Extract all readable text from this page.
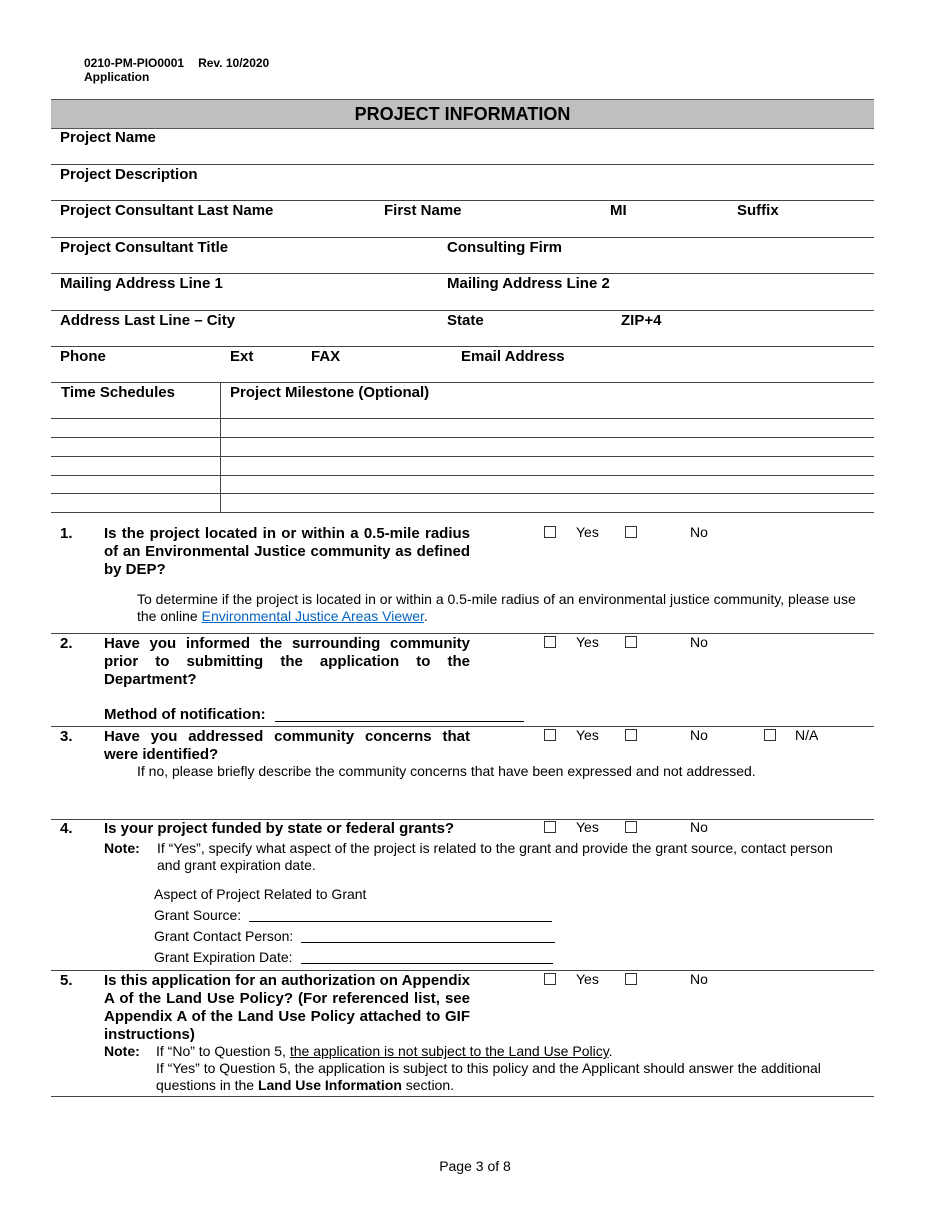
0210-PM-PIO0001 Rev. 10/2020
Application
PROJECT INFORMATION
Project Name
Project Description
Project Consultant Last Name	First Name	MI	Suffix
Project Consultant Title	Consulting Firm
Mailing Address Line 1	Mailing Address Line 2
Address Last Line – City	State	ZIP+4
Phone	Ext	FAX	Email Address
Time Schedules	Project Milestone (Optional)
1. Is the project located in or within a 0.5-mile radius of an Environmental Justice community as defined by DEP?
Yes	No
To determine if the project is located in or within a 0.5-mile radius of an environmental justice community, please use the online Environmental Justice Areas Viewer.
2. Have you informed the surrounding community prior to submitting the application to the Department?
Yes	No
Method of notification:
3. Have you addressed community concerns that were identified?
Yes	No	N/A
If no, please briefly describe the community concerns that have been expressed and not addressed.
4. Is your project funded by state or federal grants?	Yes	No
Note: If “Yes”, specify what aspect of the project is related to the grant and provide the grant source, contact person and grant expiration date.
Aspect of Project Related to Grant
Grant Source:
Grant Contact Person:
Grant Expiration Date:
5. Is this application for an authorization on Appendix A of the Land Use Policy? (For referenced list, see Appendix A of the Land Use Policy attached to GIF instructions)
Yes	No
Note: If “No” to Question 5, the application is not subject to the Land Use Policy.
If “Yes” to Question 5, the application is subject to this policy and the Applicant should answer the additional questions in the Land Use Information section.
Page 3 of 8
